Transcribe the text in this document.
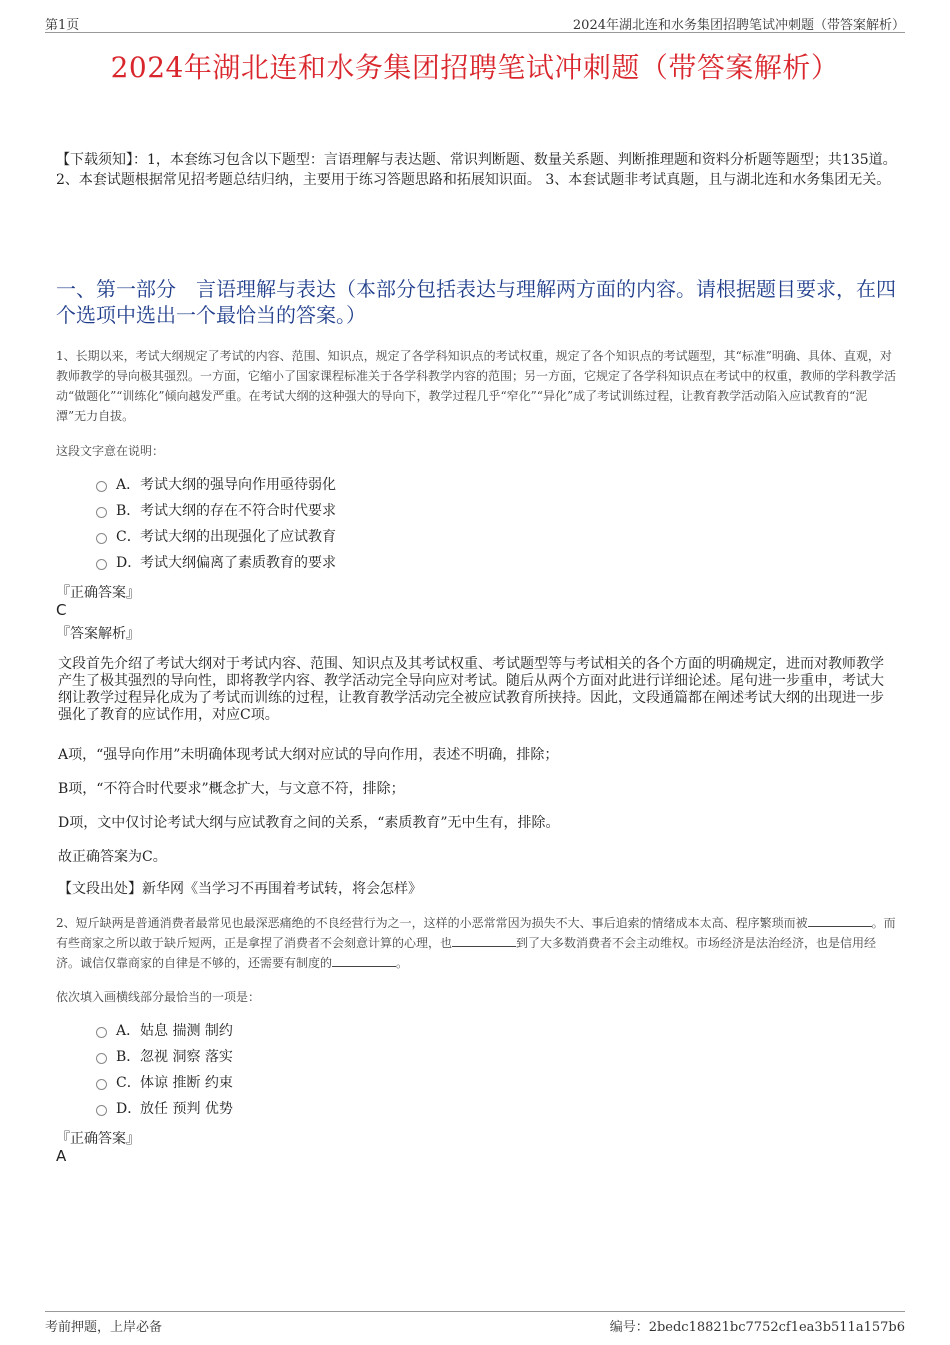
第1页	2024年湖北连和水务集团招聘笔试冲刺题（带答案解析）
2024年湖北连和水务集团招聘笔试冲刺题（带答案解析）
【下载须知】：1，本套练习包含以下题型：言语理解与表达题、常识判断题、数量关系题、判断推理题和资料分析题等题型；共135道。 2、本套试题根据常见招考题总结归纳，主要用于练习答题思路和拓展知识面。 3、本套试题非考试真题，且与湖北连和水务集团无关。
一、第一部分　言语理解与表达（本部分包括表达与理解两方面的内容。请根据题目要求，在四个选项中选出一个最恰当的答案。）
1、长期以来，考试大纲规定了考试的内容、范围、知识点，规定了各学科知识点的考试权重，规定了各个知识点的考试题型，其“标准”明确、具体、直观，对教师教学的导向极其强烈。一方面，它缩小了国家课程标准关于各学科教学内容的范围；另一方面，它规定了各学科知识点在考试中的权重，教师的学科教学活动“做题化”“训练化”倾向越发严重。在考试大纲的这种强大的导向下，教学过程几乎“窄化”“异化”成了考试训练过程，让教育教学活动陷入应试教育的“泥潭”无力自拔。
这段文字意在说明：
A． 考试大纲的强导向作用亟待弱化
B． 考试大纲的存在不符合时代要求
C． 考试大纲的出现强化了应试教育
D．
考试大纲偏离了素质教育的要求
『正确答案』
C
『答案解析』
文段首先介绍了考试大纲对于考试内容、范围、知识点及其考试权重、考试题型等与考试相关的各个方面的明确规定，进而对教师教学产生了极其强烈的导向性，即将教学内容、教学活动完全导向应对考试。随后从两个方面对此进行详细论述。尾句进一步重申，考试大纲让教学过程异化成为了考试而训练的过程，让教育教学活动完全被应试教育所挟持。因此，文段通篇都在阐述考试大纲的出现进一步强化了教育的应试作用，对应C项。
A项，“强导向作用”未明确体现考试大纲对应试的导向作用，表述不明确，排除；
B项，“不符合时代要求”概念扩大，与文意不符，排除；
D项，文中仅讨论考试大纲与应试教育之间的关系，“素质教育”无中生有，排除。
故正确答案为C。
【文段出处】新华网《当学习不再围着考试转，将会怎样》
2、短斤缺两是普通消费者最常见也最深恶痛绝的不良经营行为之一，这样的小恶常常因为损失不大、事后追索的情绪成本太高、程序繁琐而被	。而有些商家之所以敢于缺斤短两，正是拿捏了消费者不会刻意计算的心理，也	到了大多数消费者不会主动维权。市场经济是法治经济，也是信用经济。诚信仅靠商家的自律是不够的，还需要有制度的	。
依次填入画横线部分最恰当的一项是：
A． 姑息 揣测 制约
B． 忽视 洞察 落实
C． 体谅 推断 约束
D．
放任 预判 优势
『正确答案』
A
考前押题，上岸必备	编号：2bedc18821bc7752cf1ea3b511a157b6
